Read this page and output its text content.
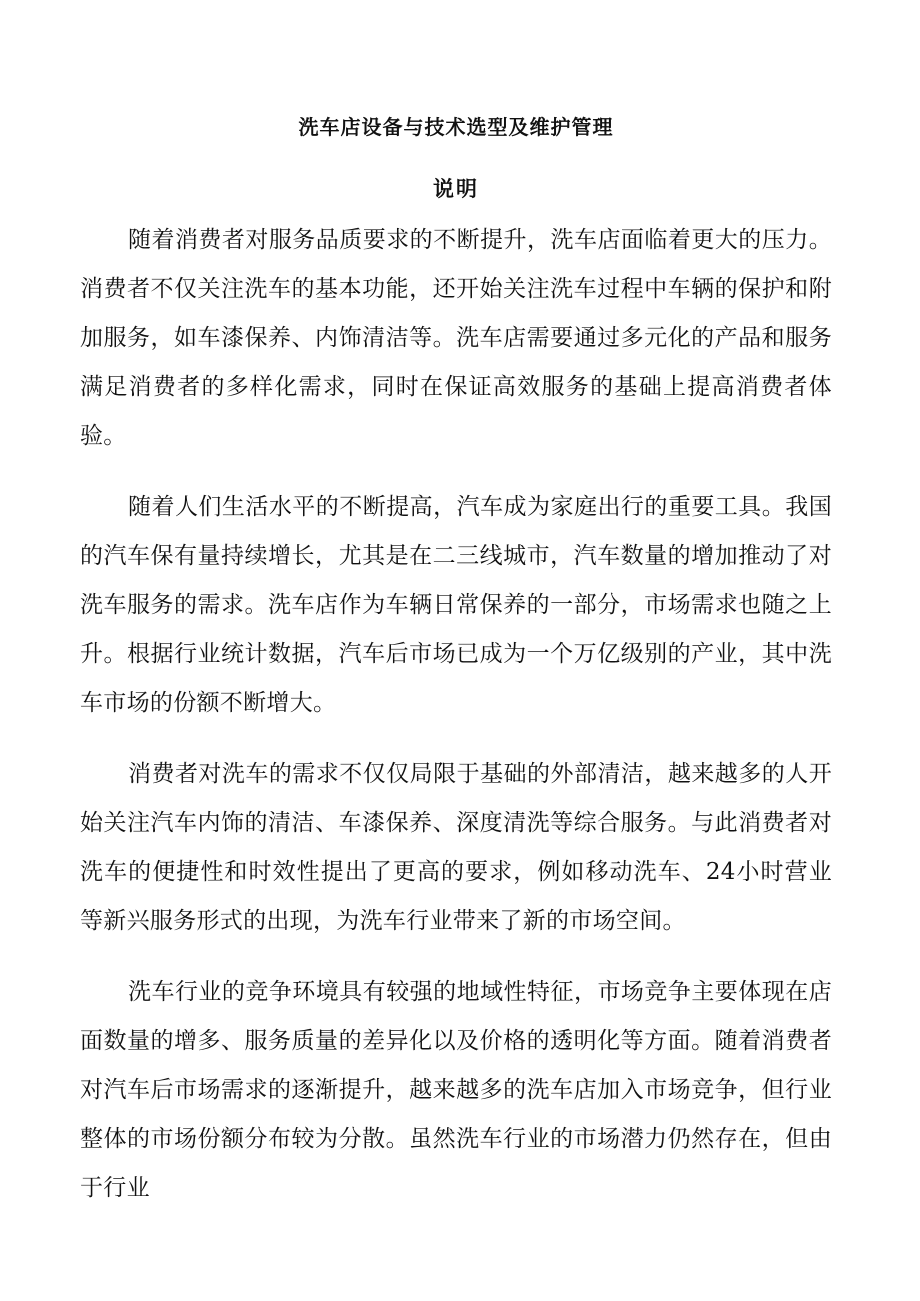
洗车店设备与技术选型及维护管理
说明

随着消费者对服务品质要求的不断提升，洗车店面临着更大的压力。消费者不仅关注洗车的基本功能，还开始关注洗车过程中车辆的保护和附加服务，如车漆保养、内饰清洁等。洗车店需要通过多元化的产品和服务满足消费者的多样化需求，同时在保证高效服务的基础上提高消费者体验。

随着人们生活水平的不断提高，汽车成为家庭出行的重要工具。我国的汽车保有量持续增长，尤其是在二三线城市，汽车数量的增加推动了对洗车服务的需求。洗车店作为车辆日常保养的一部分，市场需求也随之上升。根据行业统计数据，汽车后市场已成为一个万亿级别的产业，其中洗车市场的份额不断增大。

消费者对洗车的需求不仅仅局限于基础的外部清洁，越来越多的人开始关注汽车内饰的清洁、车漆保养、深度清洗等综合服务。与此消费者对洗车的便捷性和时效性提出了更高的要求，例如移动洗车、24小时营业等新兴服务形式的出现，为洗车行业带来了新的市场空间。

洗车行业的竞争环境具有较强的地域性特征，市场竞争主要体现在店面数量的增多、服务质量的差异化以及价格的透明化等方面。随着消费者对汽车后市场需求的逐渐提升，越来越多的洗车店加入市场竞争，但行业整体的市场份额分布较为分散。虽然洗车行业的市场潜力仍然存在，但由于行业
